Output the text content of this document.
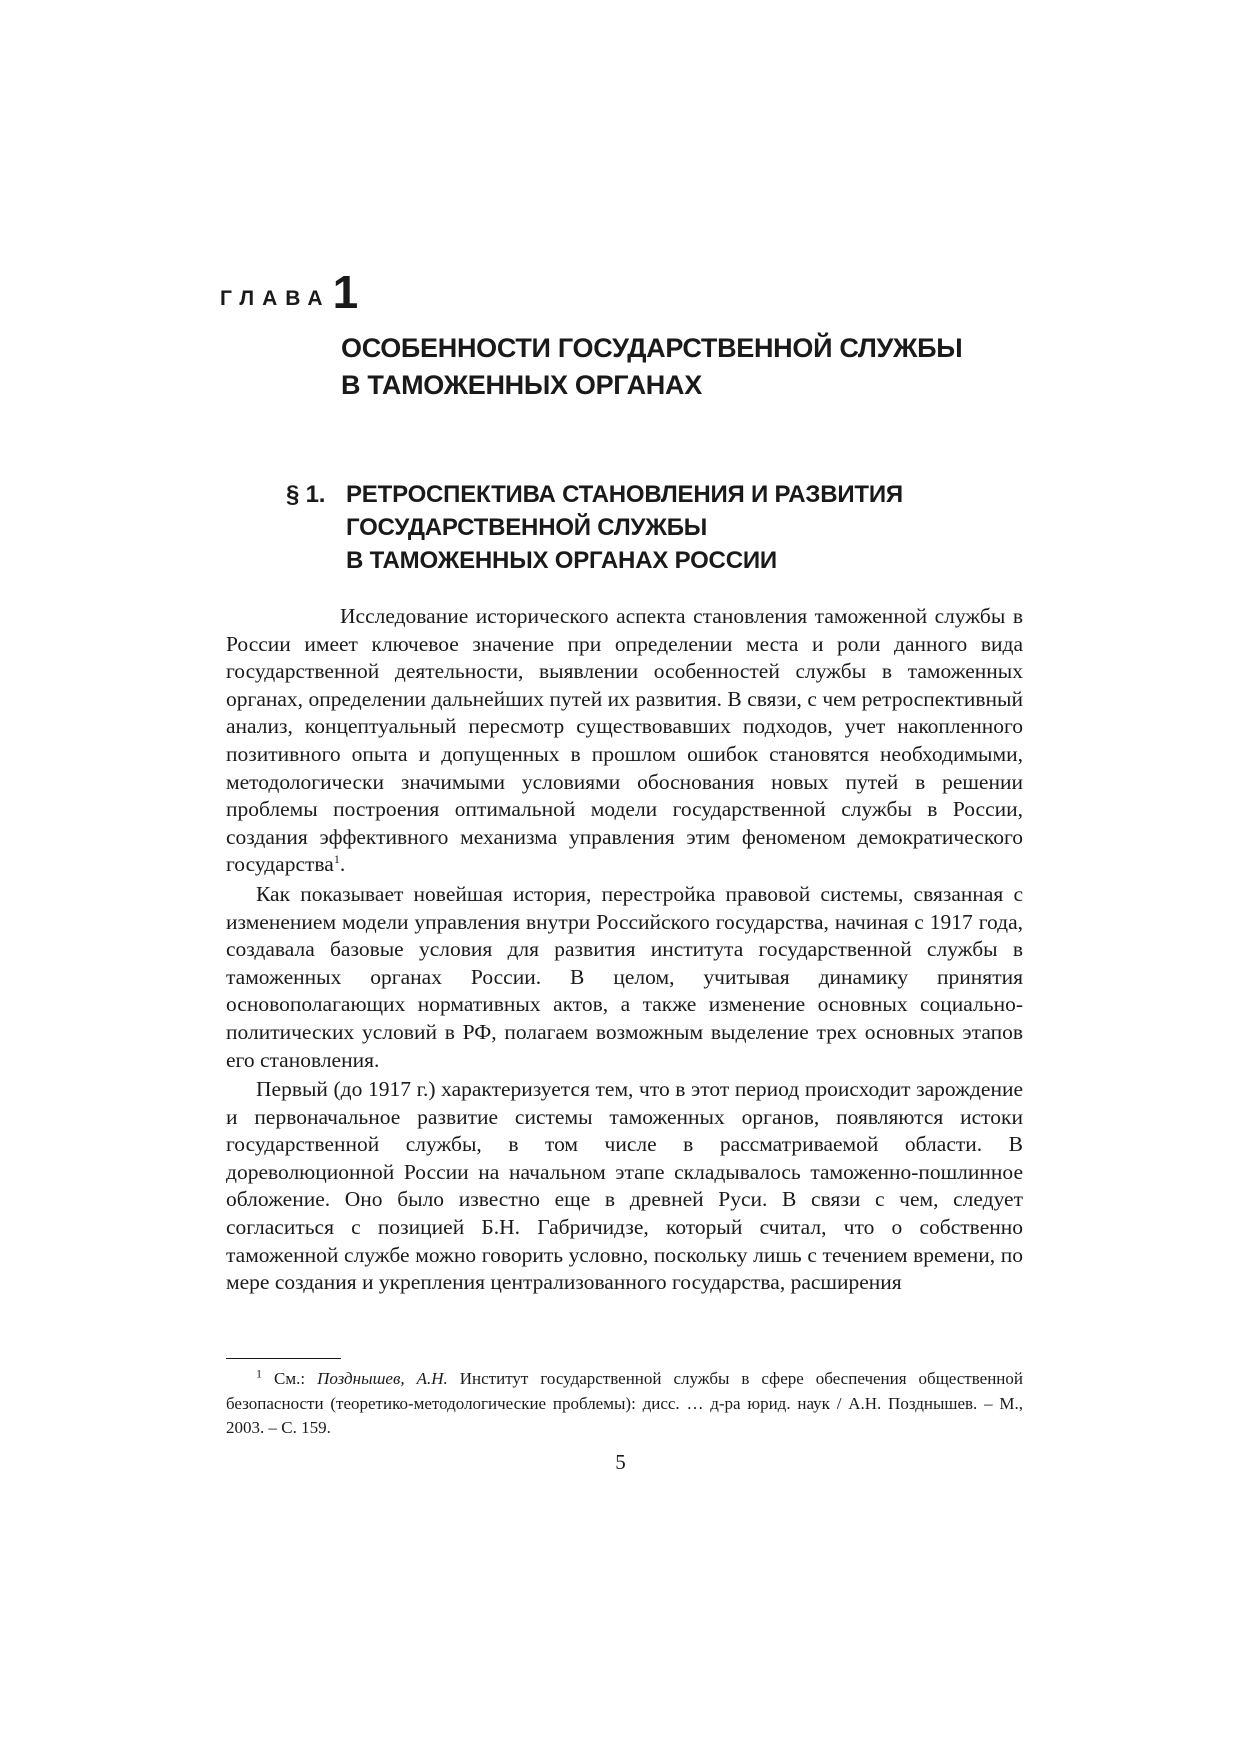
ГЛАВА 1
ОСОБЕННОСТИ ГОСУДАРСТВЕННОЙ СЛУЖБЫ
В ТАМОЖЕННЫХ ОРГАНАХ
§ 1. РЕТРОСПЕКТИВА СТАНОВЛЕНИЯ И РАЗВИТИЯ
ГОСУДАРСТВЕННОЙ СЛУЖБЫ
В ТАМОЖЕННЫХ ОРГАНАХ РОССИИ

Исследование исторического аспекта становления таможенной службы в России имеет ключевое значение при определении места и роли данного вида государственной деятельности, выявлении особенностей службы в таможенных органах, определении дальнейших путей их развития. В связи, с чем ретроспективный анализ, концептуальный пересмотр существовавших подходов, учет накопленного позитивного опыта и допущенных в прошлом ошибок становятся необходимыми, методологически значимыми условиями обоснования новых путей в решении проблемы построения оптимальной модели государственной службы в России, создания эффективного механизма управления этим феноменом демократического государства$^1$.

Как показывает новейшая история, перестройка правовой системы, связанная с изменением модели управления внутри Российского государства, начиная с 1917 года, создавала базовые условия для развития института государственной службы в таможенных органах России. В целом, учитывая динамику принятия основополагающих нормативных актов, а также изменение основных социально-политических условий в РФ, полагаем возможным выделение трех основных этапов его становления.

Первый (до 1917 г.) характеризуется тем, что в этот период происходит зарождение и первоначальное развитие системы таможенных органов, появляются истоки государственной службы, в том числе в рассматриваемой области. В дореволюционной России на начальном этапе складывалось таможенно-пошлинное обложение. Оно было известно еще в древней Руси. В связи с чем, следует согласиться с позицией Б.Н. Габричидзе, который считал, что о собственно таможенной службе можно говорить условно, поскольку лишь с течением времени, по мере создания и укрепления централизованного государства, расширения

$^1$ См.: Позднышев, А.Н. Институт государственной службы в сфере обеспечения общественной безопасности (теоретико-методологические проблемы): дисс. … д-ра юрид. наук / А.Н. Позднышев. – М., 2003. – С. 159.

5
